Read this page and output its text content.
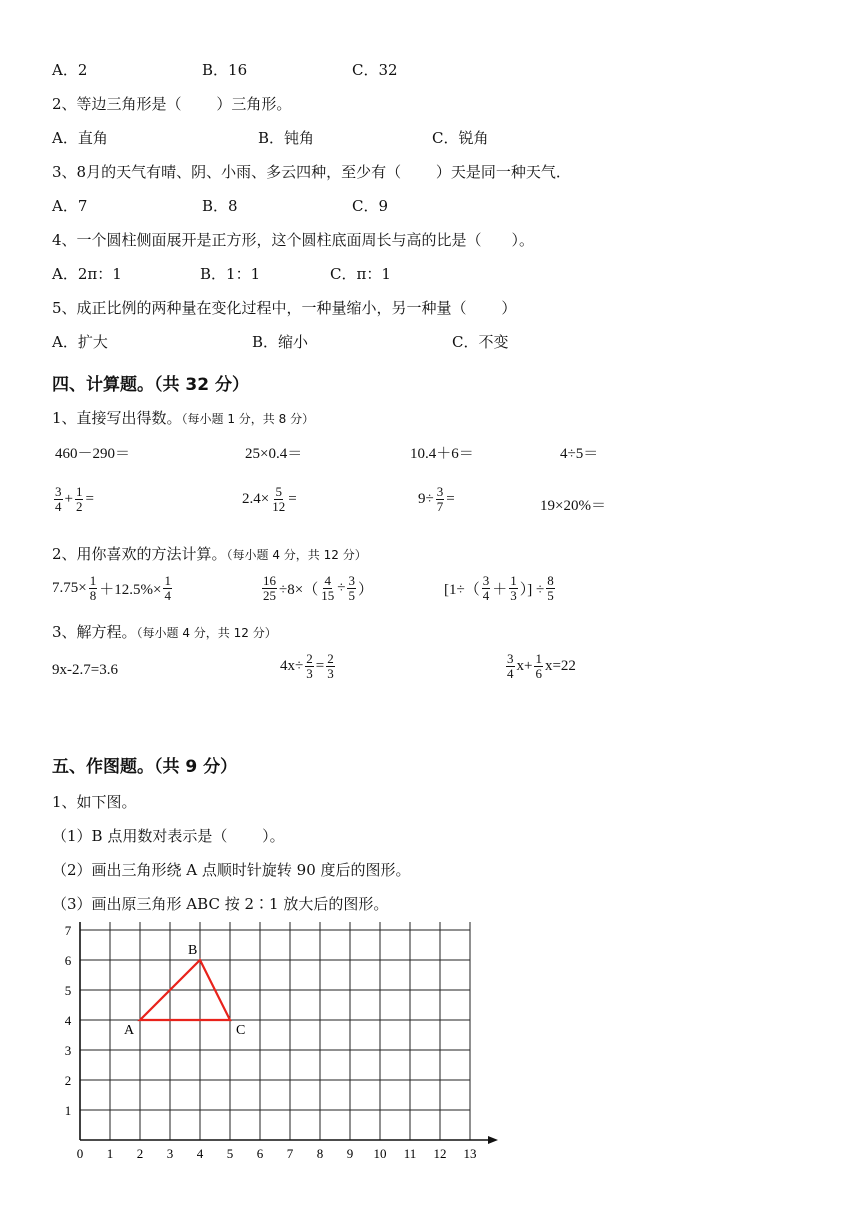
A．2	B．16	C．32
2、等边三角形是（　　 ）三角形。
A．直角	B．钝角	C．锐角
3、8月的天气有晴、阴、小雨、多云四种，至少有（　　 ）天是同一种天气．
A．7	B．8	C．9
4、一个圆柱侧面展开是正方形，这个圆柱底面周长与高的比是（　　）。
A．2π：1	B．1：1	C．π：1
5、成正比例的两种量在变化过程中，一种量缩小，另一种量（　　 ）
A．扩大	B．缩小	C．不变
四、计算题。（共 32 分）
1、直接写出得数。（每小题 1 分，共 8 分）
460－290＝	25×0.4＝	10.4＋6＝	4÷5＝
$\frac{3}{4} + \frac{1}{2}$ =	$2.4\times \frac{5}{12}$ =	$9\div \frac{3}{7}$ =	19×20%＝
2、用你喜欢的方法计算。（每小题 4 分，共 12 分）
$7.75\times \frac{1}{8} +12.5\%\times \frac{1}{4}$	$\frac{16}{25} \div 8\times( \frac{4}{15} \div \frac{3}{5}$ ）	[$1\div( \frac{3}{4} + \frac{1}{3}$ ）] ÷ $\frac{8}{5}$
3、解方程。（每小题 4 分，共 12 分）
9x-2.7=3.6	$4x\div \frac{2}{3} = \frac{2}{3}$	$\frac{3}{4} x+ \frac{1}{6} x=22$
五、作图题。（共 9 分）
1、如下图。
（1）B 点用数对表示是（　　 ）。
（2）画出三角形绕 A 点顺时针旋转 90 度后的图形。
（3）画出原三角形 ABC 按 2∶1 放大后的图形。
0 1 2 3 4 5 6 7 8 9 10 11 12 13
1
2
3
4
5
6
7
A
B
C
